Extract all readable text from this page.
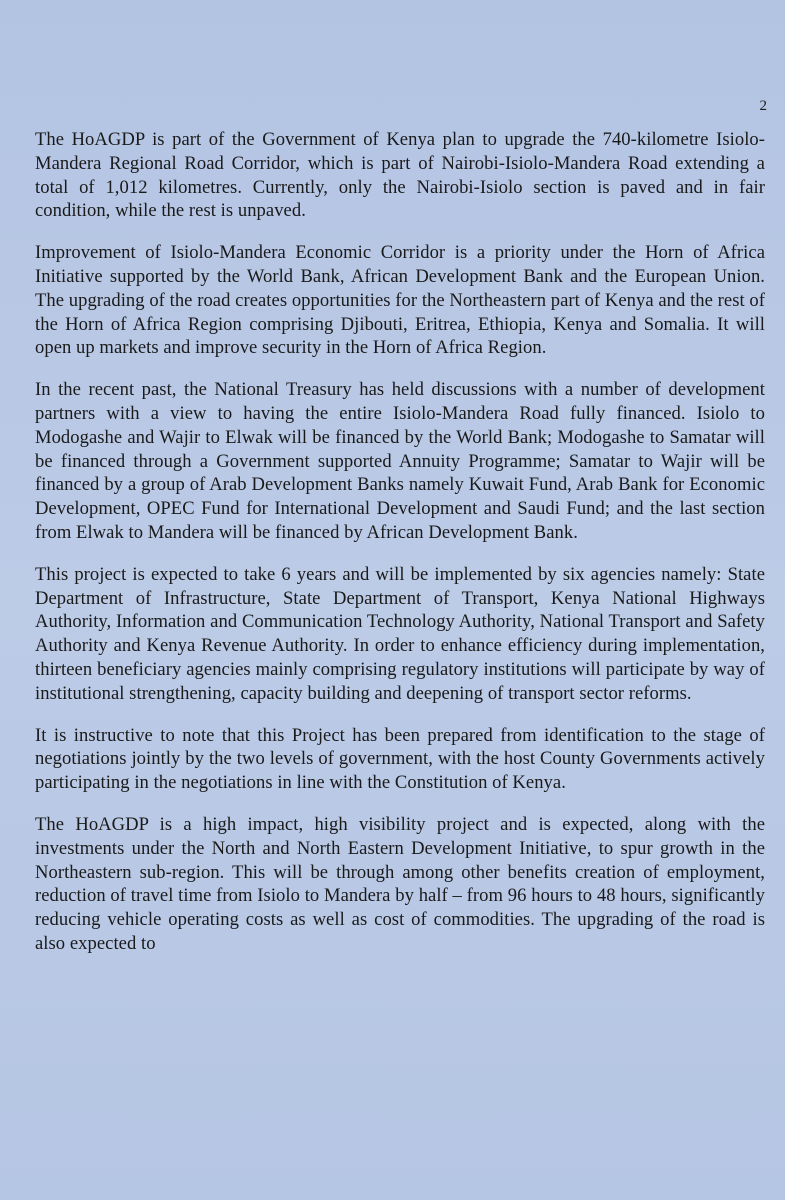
2

The HoAGDP is part of the Government of Kenya plan to upgrade the 740-kilometre Isiolo-Mandera Regional Road Corridor, which is part of Nairobi-Isiolo-Mandera Road extending a total of 1,012 kilometres. Currently, only the Nairobi-Isiolo section is paved and in fair condition, while the rest is unpaved.

Improvement of Isiolo-Mandera Economic Corridor is a priority under the Horn of Africa Initiative supported by the World Bank, African Development Bank and the European Union. The upgrading of the road creates opportunities for the Northeastern part of Kenya and the rest of the Horn of Africa Region comprising Djibouti, Eritrea, Ethiopia, Kenya and Somalia. It will open up markets and improve security in the Horn of Africa Region.

In the recent past, the National Treasury has held discussions with a number of development partners with a view to having the entire Isiolo-Mandera Road fully financed. Isiolo to Modogashe and Wajir to Elwak will be financed by the World Bank; Modogashe to Samatar will be financed through a Government supported Annuity Programme; Samatar to Wajir will be financed by a group of Arab Development Banks namely Kuwait Fund, Arab Bank for Economic Development, OPEC Fund for International Development and Saudi Fund; and the last section from Elwak to Mandera will be financed by African Development Bank.

This project is expected to take 6 years and will be implemented by six agencies namely: State Department of Infrastructure, State Department of Transport, Kenya National Highways Authority, Information and Communication Technology Authority, National Transport and Safety Authority and Kenya Revenue Authority. In order to enhance efficiency during implementation, thirteen beneficiary agencies mainly comprising regulatory institutions will participate by way of institutional strengthening, capacity building and deepening of transport sector reforms.

It is instructive to note that this Project has been prepared from identification to the stage of negotiations jointly by the two levels of government, with the host County Governments actively participating in the negotiations in line with the Constitution of Kenya.

The HoAGDP is a high impact, high visibility project and is expected, along with the investments under the North and North Eastern Development Initiative, to spur growth in the Northeastern sub-region. This will be through among other benefits creation of employment, reduction of travel time from Isiolo to Mandera by half – from 96 hours to 48 hours, significantly reducing vehicle operating costs as well as cost of commodities. The upgrading of the road is also expected to
